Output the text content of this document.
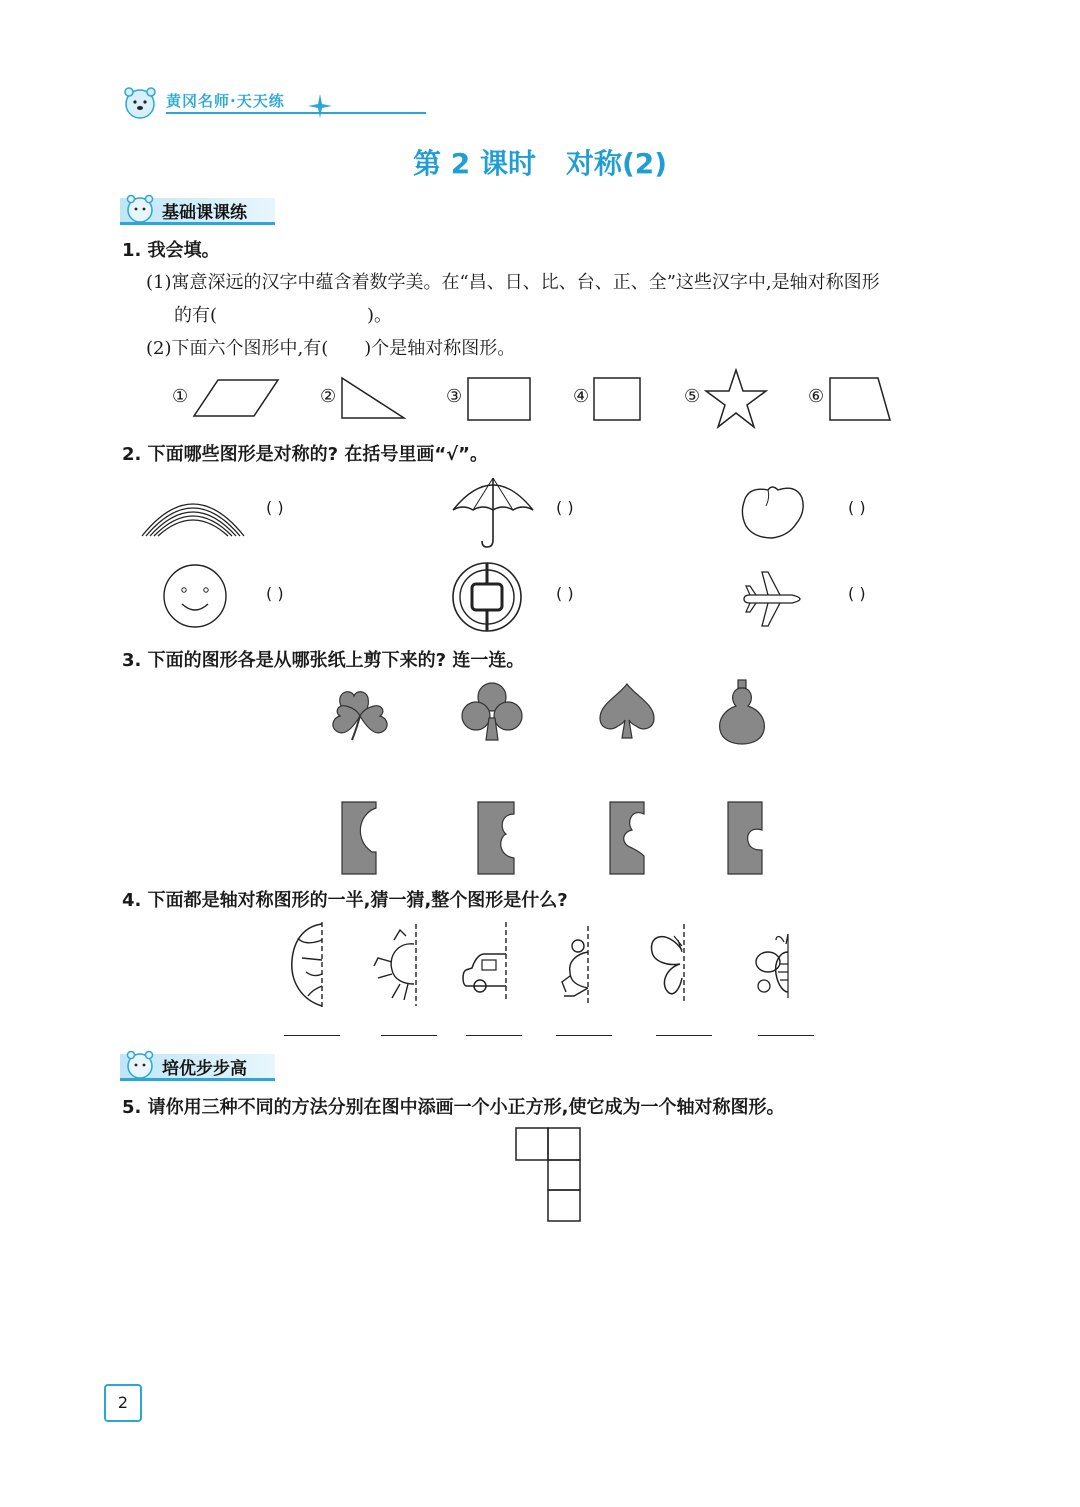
黄冈名师·天天练
第 2 课时 对称(2)
基础课课练
1. 我会填。
(1)寓意深远的汉字中蕴含着数学美。在“昌、日、比、台、正、全”这些汉字中,是轴对称图形
的有(	)。
(2)下面六个图形中,有( )个是轴对称图形。
①	②	③	④	⑤	⑥
2. 下面哪些图形是对称的? 在括号里画“√”。
( )	( )	( )
( )	( )	( )
3. 下面的图形各是从哪张纸上剪下来的? 连一连。
4. 下面都是轴对称图形的一半,猜一猜,整个图形是什么?
培优步步高
5. 请你用三种不同的方法分别在图中添画一个小正方形,使它成为一个轴对称图形。
2
